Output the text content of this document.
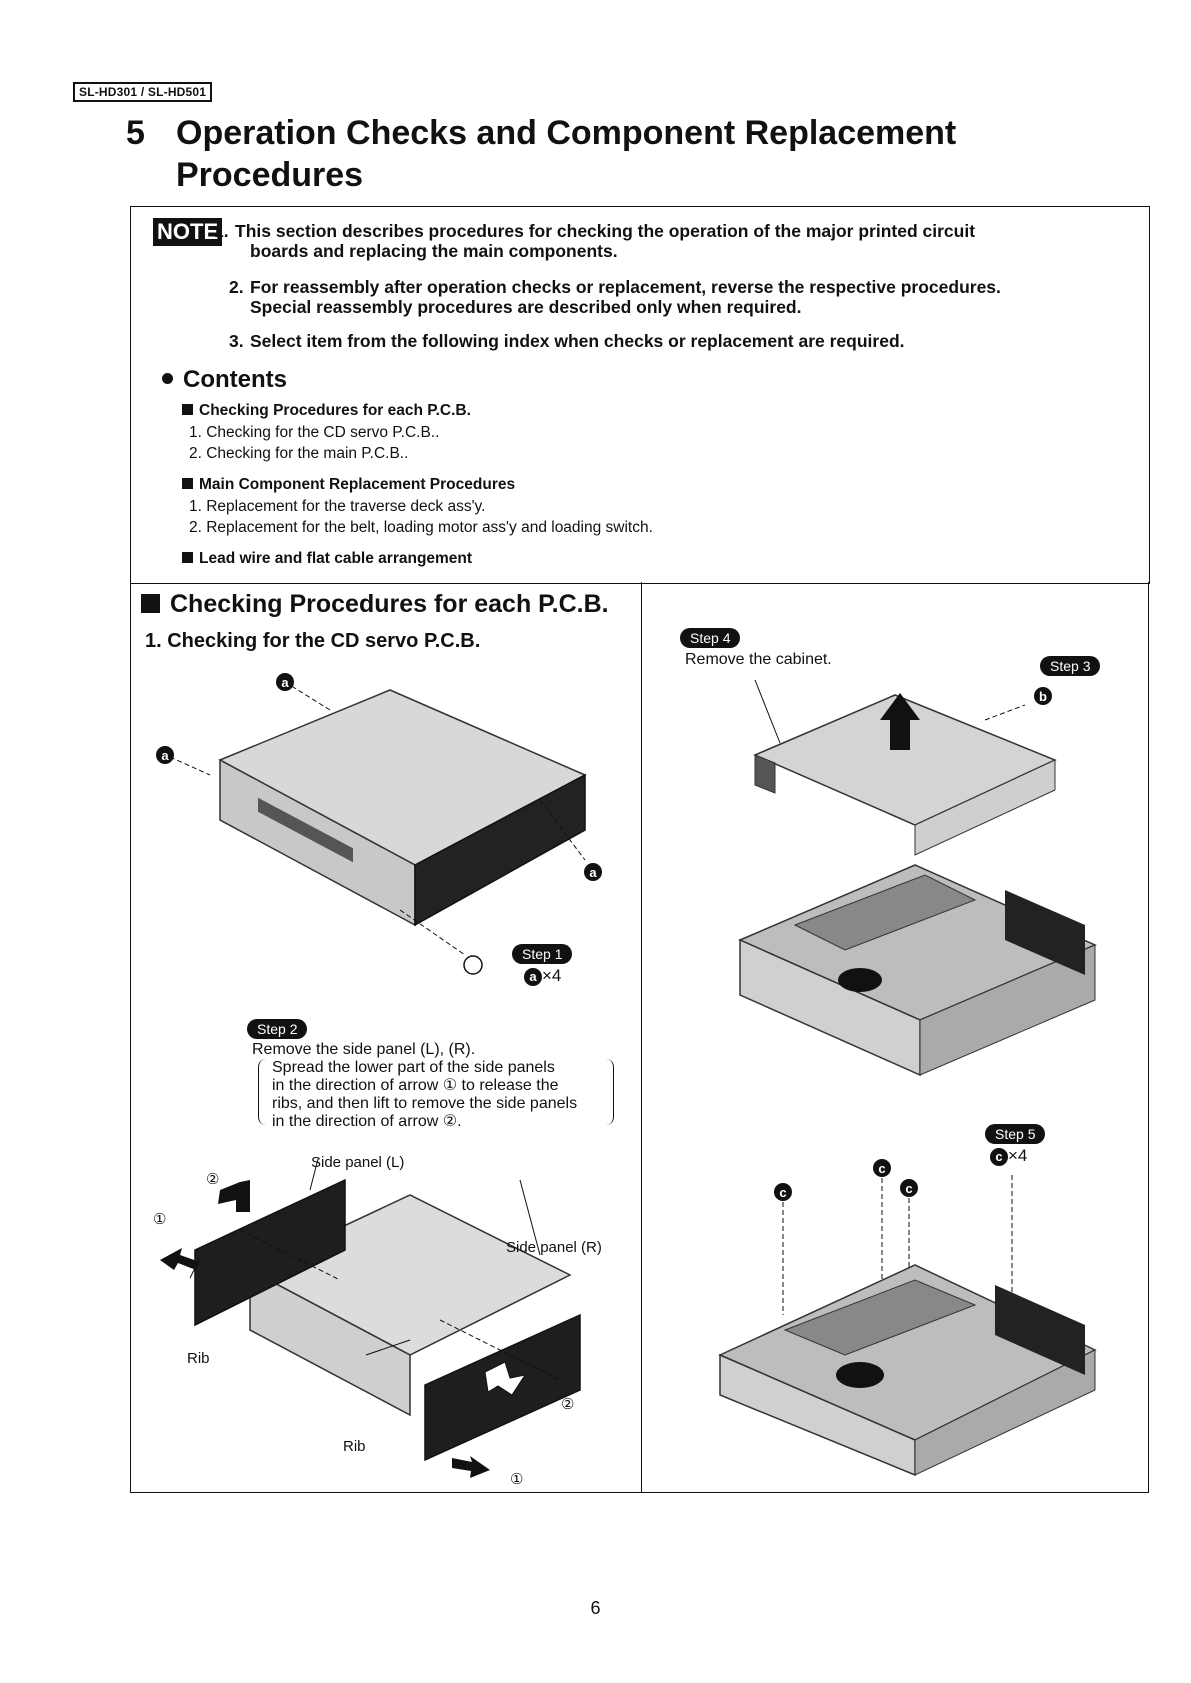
SL-HD301 / SL-HD501
5 Operation Checks and Component Replacement Procedures
NOTE
1. This section describes procedures for checking the operation of the major printed circuit
boards and replacing the main components.
2. For reassembly after operation checks or replacement, reverse the respective procedures.
Special reassembly procedures are described only when required.
3. Select item from the following index when checks or replacement are required.
Contents
Checking Procedures for each P.C.B.
1. Checking for the CD servo P.C.B..
2. Checking for the main P.C.B..
Main Component Replacement Procedures
1. Replacement for the traverse deck ass'y.
2. Replacement for the belt, loading motor ass'y and loading switch.
Lead wire and flat cable arrangement
Checking Procedures for each P.C.B.
1. Checking for the CD servo P.C.B.
a
a
a
Step 1
a ×4
Step 2
Remove the side panel (L), (R).
Spread the lower part of the side panels
in the direction of arrow ① to release the
ribs, and then lift to remove the side panels
in the direction of arrow ②.
Side panel (L)
Side panel (R)
Rib
Rib
②
①
②
①
Step 4
Remove the cabinet.	Step 3
b
Step 5
c ×4
c
c
c
6
